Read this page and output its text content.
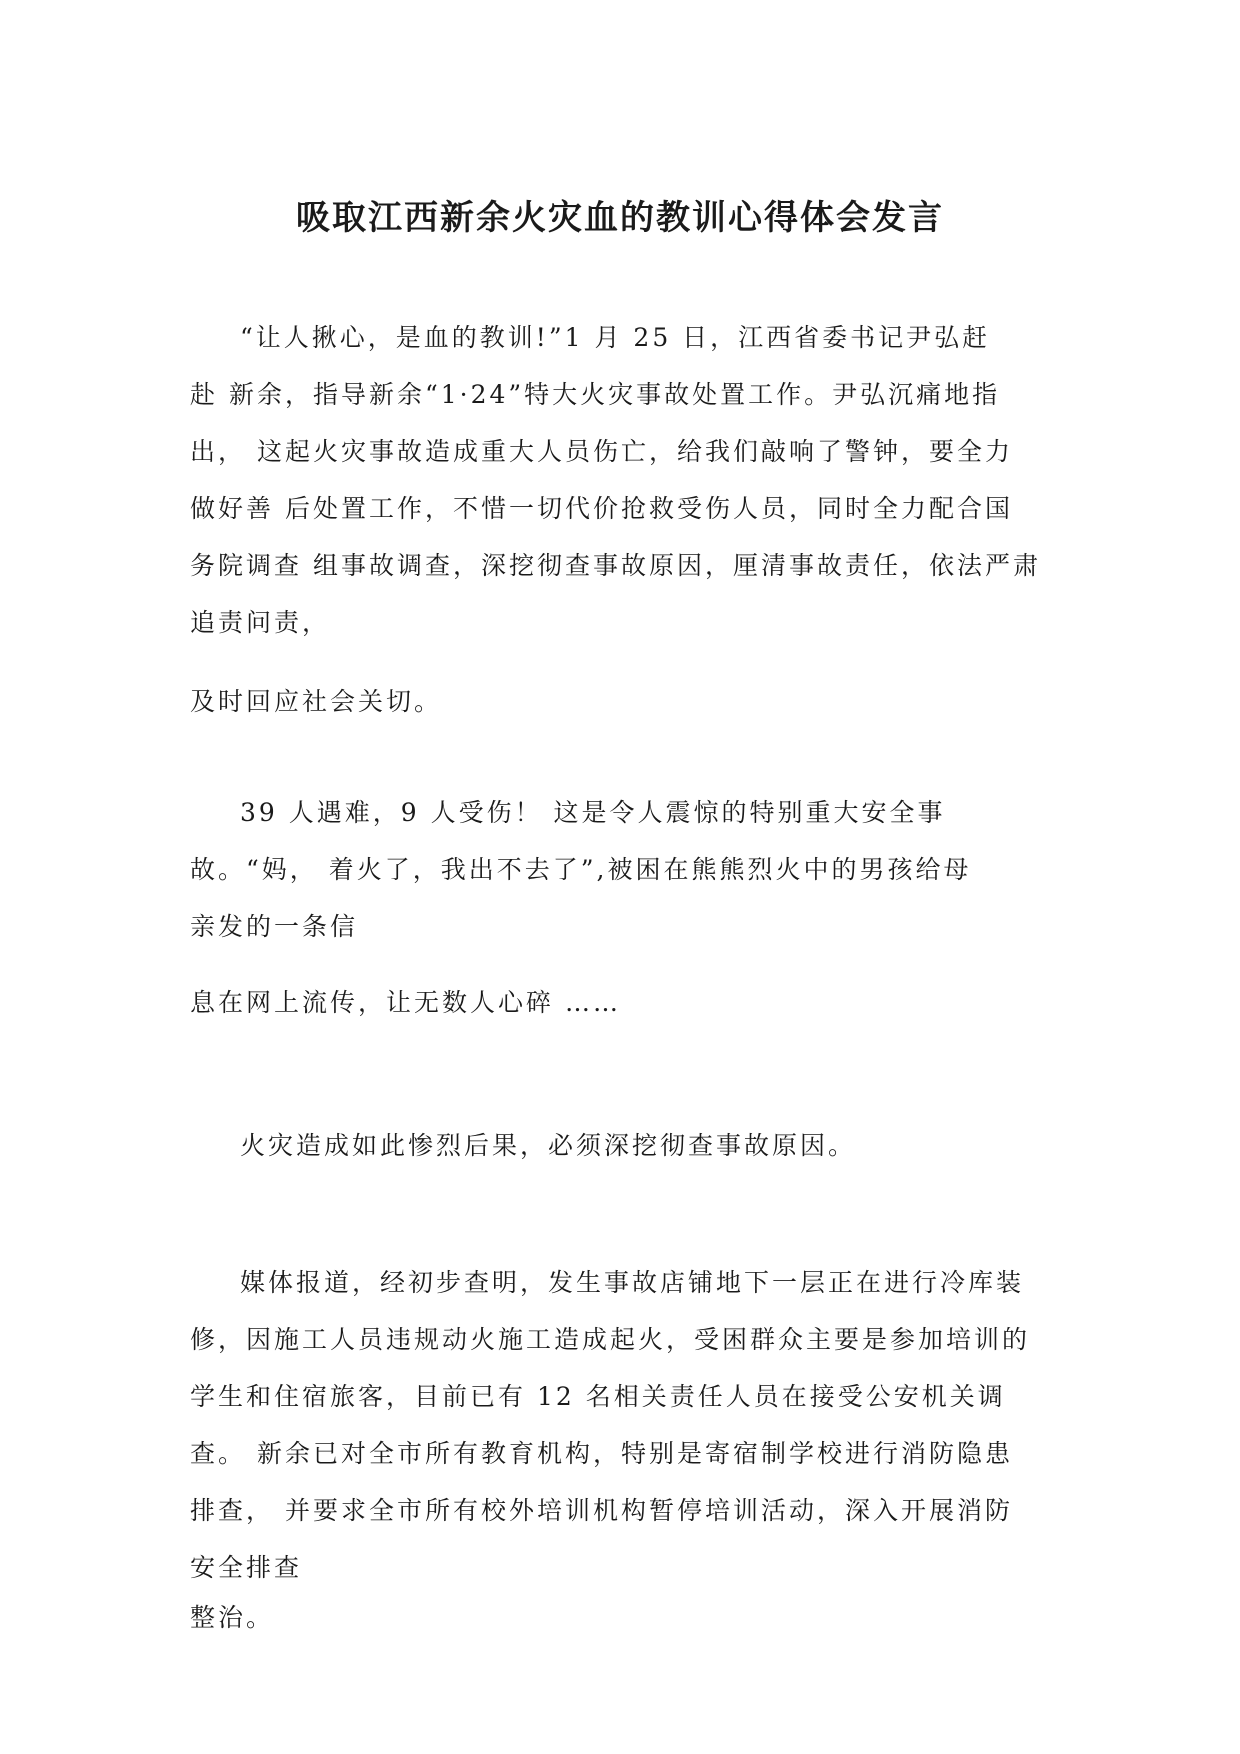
吸取江西新余火灾血的教训心得体会发言
“让人揪心，是血的教训!”1 月 25 日，江西省委书记尹弘赶
赴 新余，指导新余“1·24”特大火灾事故处置工作。尹弘沉痛地指
出， 这起火灾事故造成重大人员伤亡，给我们敲响了警钟，要全力
做好善 后处置工作，不惜一切代价抢救受伤人员，同时全力配合国
务院调查 组事故调查，深挖彻查事故原因，厘清事故责任，依法严肃
追责问责，
及时回应社会关切。
39 人遇难，9 人受伤！ 这是令人震惊的特别重大安全事
故。“妈， 着火了，我出不去了”,被困在熊熊烈火中的男孩给母
亲发的一条信
息在网上流传，让无数人心碎 ……
火灾造成如此惨烈后果，必须深挖彻查事故原因。
媒体报道，经初步查明，发生事故店铺地下一层正在进行冷库装
修，因施工人员违规动火施工造成起火，受困群众主要是参加培训的
学生和住宿旅客，目前已有 12 名相关责任人员在接受公安机关调
查。 新余已对全市所有教育机构，特别是寄宿制学校进行消防隐患
排查， 并要求全市所有校外培训机构暂停培训活动，深入开展消防
安全排查
整治。
